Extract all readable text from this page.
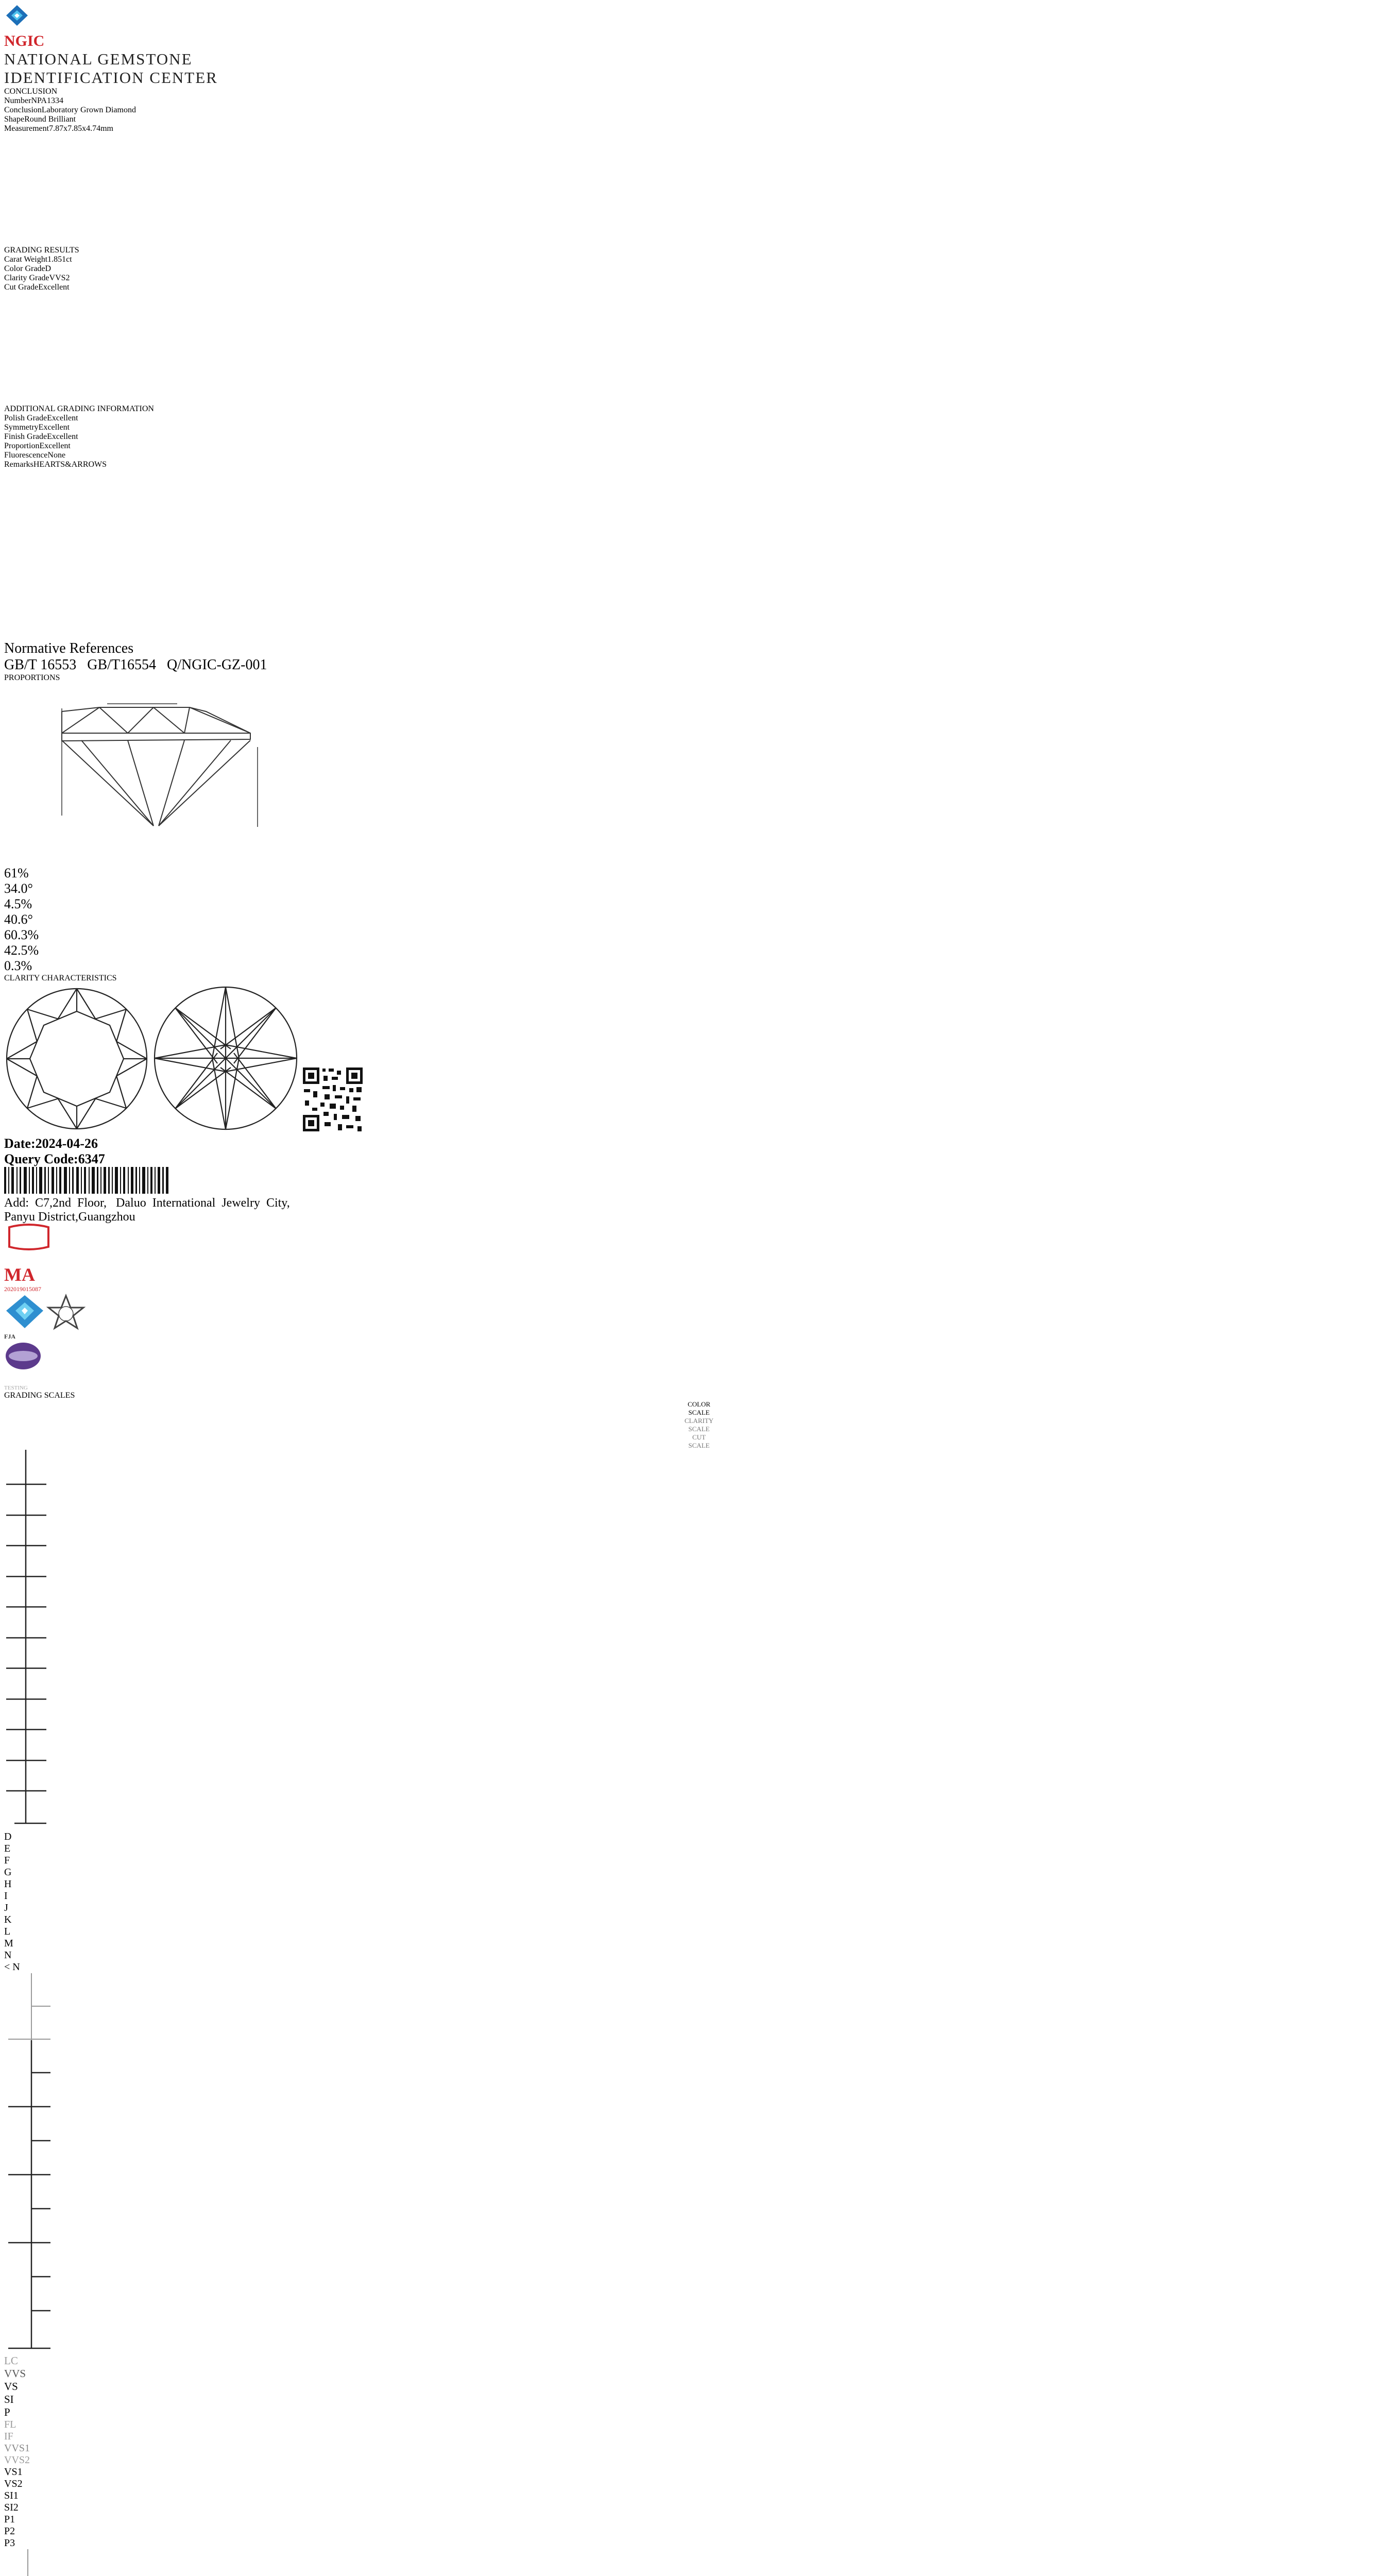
NGIC
NATIONAL GEMSTONE
IDENTIFICATION CENTER
CONCLUSION
NumberNPA1334
ConclusionLaboratory Grown Diamond
ShapeRound Brilliant
Measurement7.87x7.85x4.74mm
GRADING RESULTS
Carat Weight1.851ct
Color GradeD
Clarity GradeVVS2
Cut GradeExcellent
ADDITIONAL GRADING INFORMATION
Polish GradeExcellent
SymmetryExcellent
Finish GradeExcellent
ProportionExcellent
FluorescenceNone
RemarksHEARTS&ARROWS
Normative References
GB/T 16553   GB/T16554   Q/NGIC-GZ-001
PROPORTIONS
61%
34.0°
4.5%
40.6°
60.3%
42.5%
0.3%
CLARITY CHARACTERISTICS

Date:2024-04-26
Query Code:6347
Add:  C7,2nd  Floor,   Daluo  International  Jewelry  City,
Panyu District,Guangzhou
MA
202019015087

FJA
ZJGJ
TESTING
GRADING SCALES
COLOR
SCALE
CLARITY
SCALE
CUT
SCALE
D
E
F
G
H
I
J
K
L
M
N
< N
LC
VVS
VS
SI
P
FL
IF
VVS1
VVS2
VS1
VS2
SI1
SI2
P1
P2
P3
